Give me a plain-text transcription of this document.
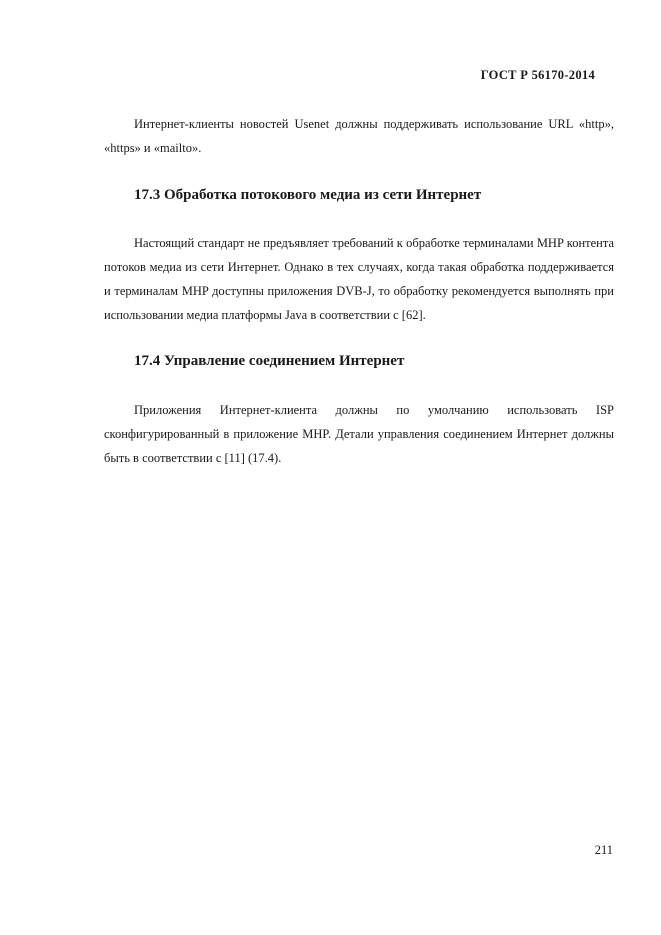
ГОСТ Р 56170-2014

Интернет-клиенты новостей Usenet должны поддерживать использование URL «http», «https» и «mailto».

17.3 Обработка потокового медиа из сети Интернет

Настоящий стандарт не предъявляет требований к обработке терминалами MHP контента потоков медиа из сети Интернет. Однако в тех случаях, когда такая обработка поддерживается и терминалам MHP доступны приложения DVB-J, то обработку рекомендуется выполнять при использовании медиа платформы Java в соответствии с [62].

17.4 Управление соединением Интернет

Приложения Интернет-клиента должны по умолчанию использовать ISP сконфигурированный в приложение MHP. Детали управления соединением Интернет должны быть в соответствии с [11] (17.4).

211
